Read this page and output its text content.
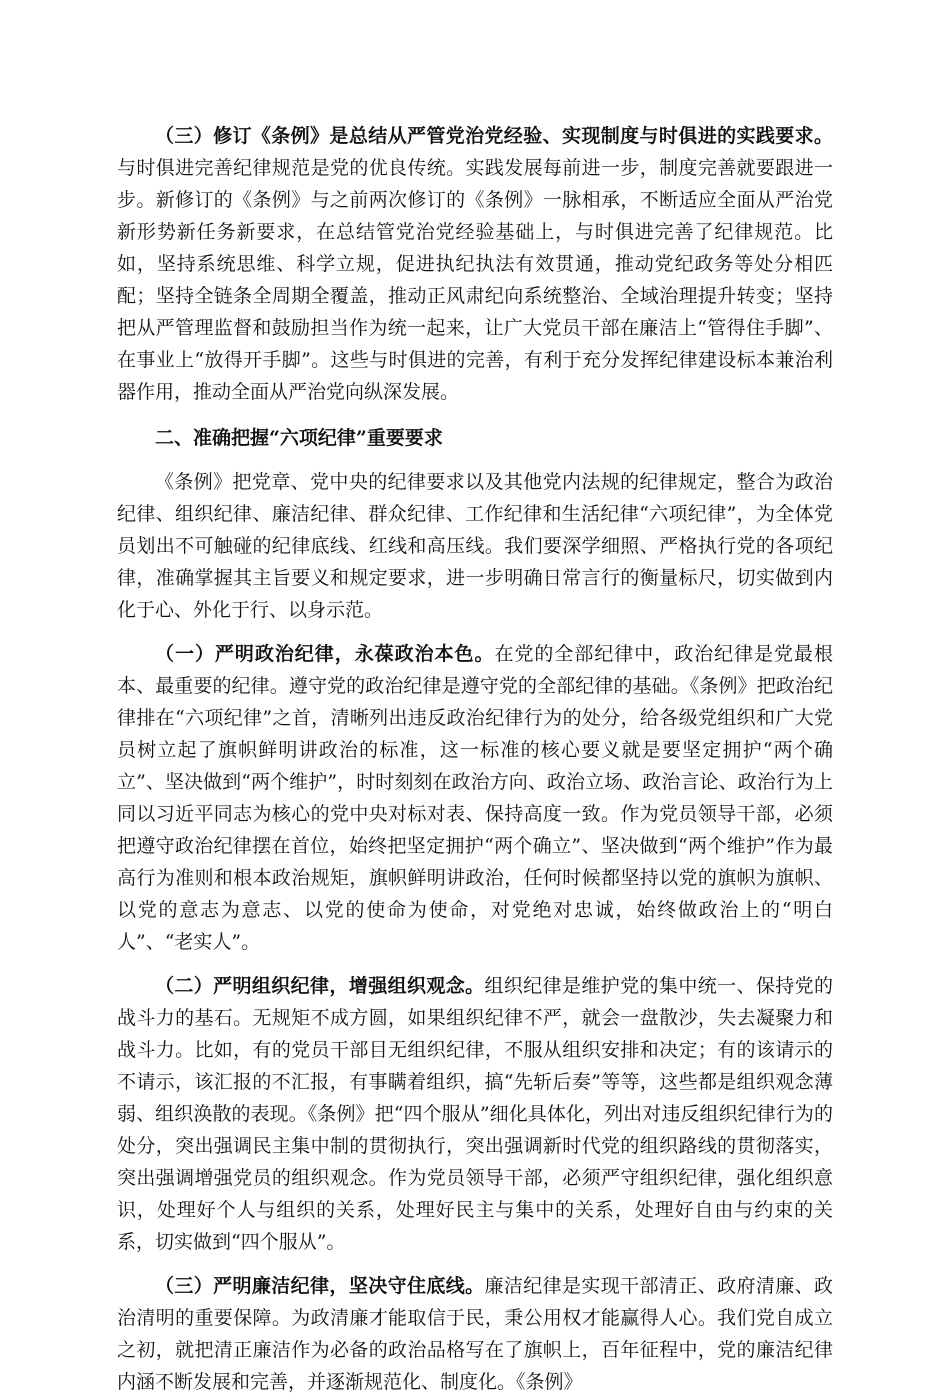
（三）修订《条例》是总结从严管党治党经验、实现制度与时俱进的实践要求。与时俱进完善纪律规范是党的优良传统。实践发展每前进一步，制度完善就要跟进一步。新修订的《条例》与之前两次修订的《条例》一脉相承，不断适应全面从严治党新形势新任务新要求，在总结管党治党经验基础上，与时俱进完善了纪律规范。比如，坚持系统思维、科学立规，促进执纪执法有效贯通，推动党纪政务等处分相匹配；坚持全链条全周期全覆盖，推动正风肃纪向系统整治、全域治理提升转变；坚持把从严管理监督和鼓励担当作为统一起来，让广大党员干部在廉洁上“管得住手脚”、在事业上“放得开手脚”。这些与时俱进的完善，有利于充分发挥纪律建设标本兼治利器作用，推动全面从严治党向纵深发展。

二、准确把握“六项纪律”重要要求

《条例》把党章、党中央的纪律要求以及其他党内法规的纪律规定，整合为政治纪律、组织纪律、廉洁纪律、群众纪律、工作纪律和生活纪律“六项纪律”，为全体党员划出不可触碰的纪律底线、红线和高压线。我们要深学细照、严格执行党的各项纪律，准确掌握其主旨要义和规定要求，进一步明确日常言行的衡量标尺，切实做到内化于心、外化于行、以身示范。

（一）严明政治纪律，永葆政治本色。在党的全部纪律中，政治纪律是党最根本、最重要的纪律。遵守党的政治纪律是遵守党的全部纪律的基础。《条例》把政治纪律排在“六项纪律”之首，清晰列出违反政治纪律行为的处分，给各级党组织和广大党员树立起了旗帜鲜明讲政治的标准，这一标准的核心要义就是要坚定拥护“两个确立”、坚决做到“两个维护”，时时刻刻在政治方向、政治立场、政治言论、政治行为上同以习近平同志为核心的党中央对标对表、保持高度一致。作为党员领导干部，必须把遵守政治纪律摆在首位，始终把坚定拥护“两个确立”、坚决做到“两个维护”作为最高行为准则和根本政治规矩，旗帜鲜明讲政治，任何时候都坚持以党的旗帜为旗帜、以党的意志为意志、以党的使命为使命，对党绝对忠诚，始终做政治上的“明白人”、“老实人”。

（二）严明组织纪律，增强组织观念。组织纪律是维护党的集中统一、保持党的战斗力的基石。无规矩不成方圆，如果组织纪律不严，就会一盘散沙，失去凝聚力和战斗力。比如，有的党员干部目无组织纪律，不服从组织安排和决定；有的该请示的不请示，该汇报的不汇报，有事瞒着组织，搞“先斩后奏”等等，这些都是组织观念薄弱、组织涣散的表现。《条例》把“四个服从”细化具体化，列出对违反组织纪律行为的处分，突出强调民主集中制的贯彻执行，突出强调新时代党的组织路线的贯彻落实，突出强调增强党员的组织观念。作为党员领导干部，必须严守组织纪律，强化组织意识，处理好个人与组织的关系，处理好民主与集中的关系，处理好自由与约束的关系，切实做到“四个服从”。

（三）严明廉洁纪律，坚决守住底线。廉洁纪律是实现干部清正、政府清廉、政治清明的重要保障。为政清廉才能取信于民，秉公用权才能赢得人心。我们党自成立之初，就把清正廉洁作为必备的政治品格写在了旗帜上，百年征程中，党的廉洁纪律内涵不断发展和完善，并逐渐规范化、制度化。《条例》
